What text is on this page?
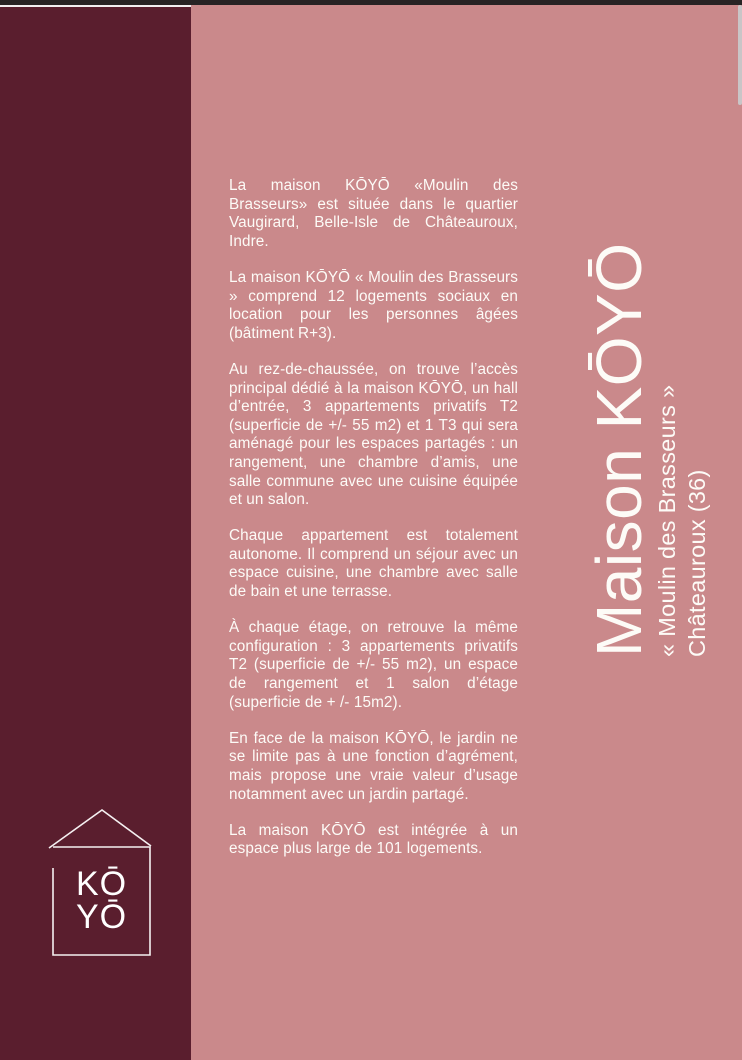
La maison KŌYŌ «Moulin des Brasseurs» est située dans le quartier Vaugirard, Belle-Isle de Châteauroux, Indre.

La maison KŌYŌ « Moulin des Brasseurs » comprend 12 logements sociaux en location pour les personnes âgées (bâtiment R+3).

Au rez-de-chaussée, on trouve l’accès principal dédié à la maison KŌYŌ, un hall d’entrée, 3 appartements privatifs T2 (superficie de +/- 55 m2) et 1 T3 qui sera aménagé pour les espaces partagés : un rangement, une chambre d’amis, une salle commune avec une cuisine équipée et un salon.

Chaque appartement est totalement autonome. Il comprend un séjour avec un espace cuisine, une chambre avec salle de bain et une terrasse.

À chaque étage, on retrouve la même configuration : 3 appartements privatifs T2 (superficie de +/- 55 m2), un espace de rangement et 1 salon d’étage (superficie de + /- 15m2).

En face de la maison KŌYŌ, le jardin ne se limite pas à une fonction d’agrément, mais propose une vraie valeur d’usage notamment avec un jardin partagé.

La maison KŌYŌ est intégrée à un espace plus large de 101 logements.

Maison KŌYŌ « Moulin des Brasseurs » Châteauroux (36)
KŌ
YŌ
